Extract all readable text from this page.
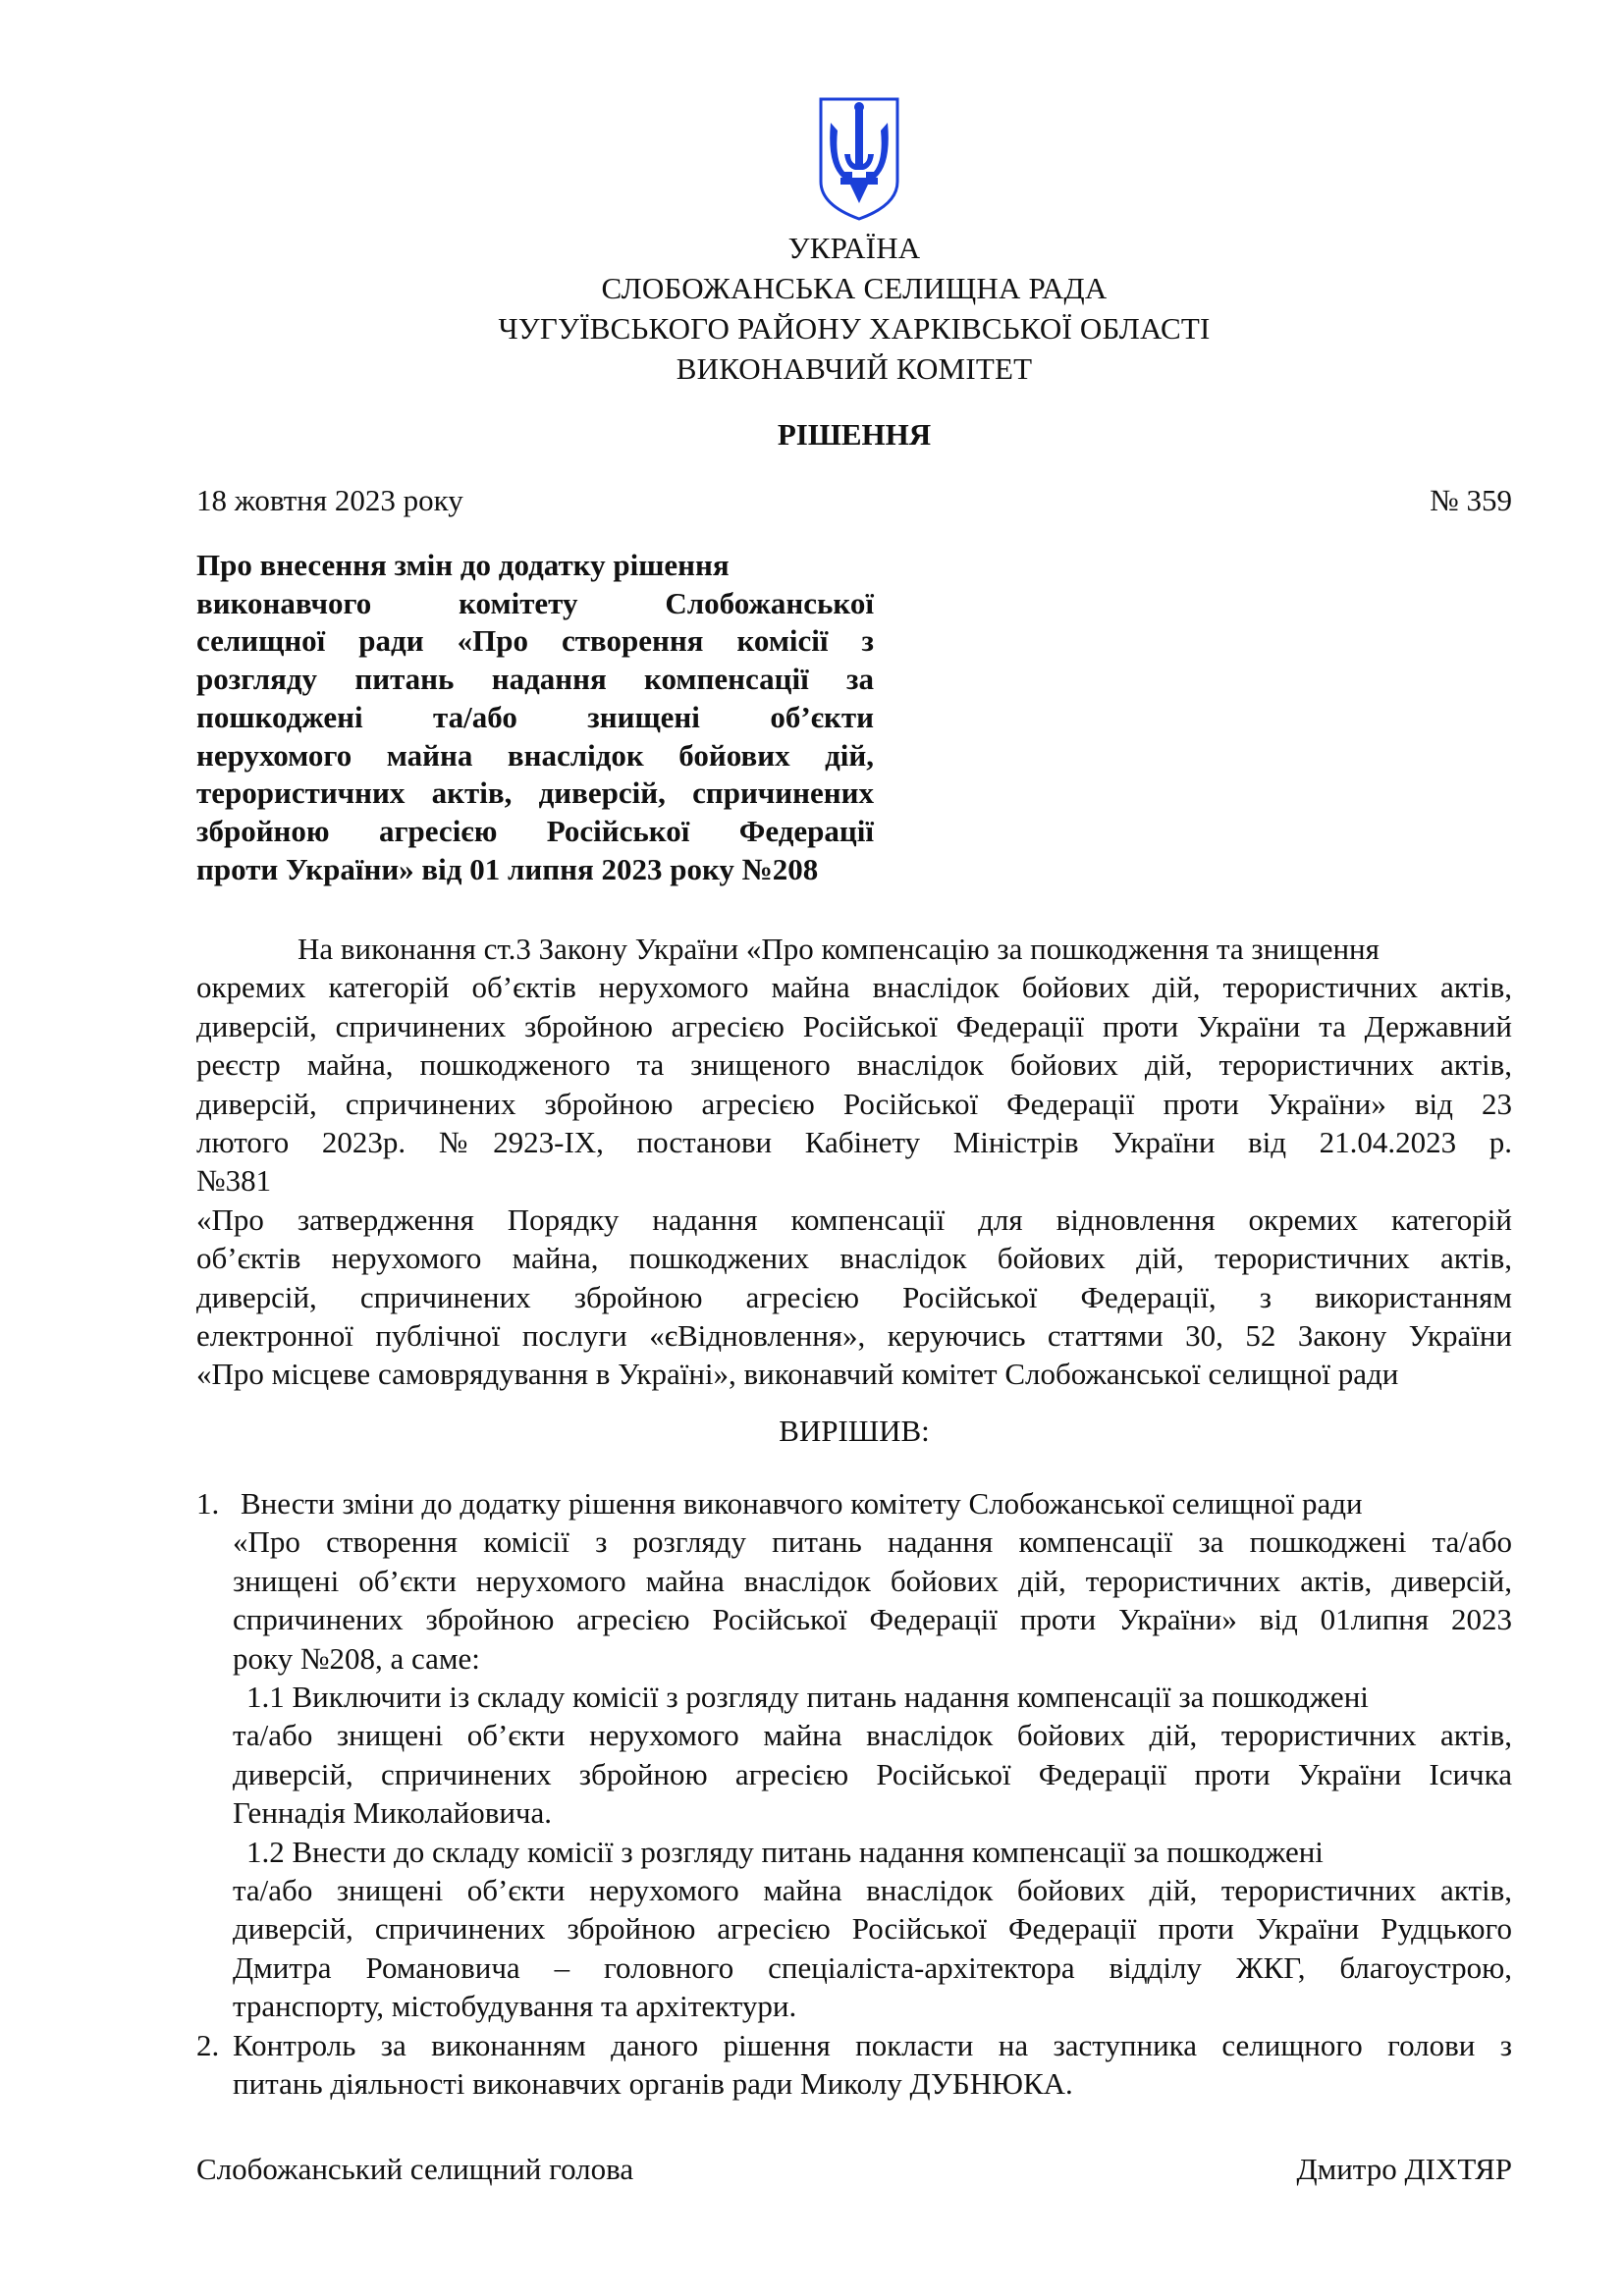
УКРАЇНА
СЛОБОЖАНСЬКА СЕЛИЩНА РАДА
ЧУГУЇВСЬКОГО РАЙОНУ ХАРКІВСЬКОЇ ОБЛАСТІ
ВИКОНАВЧИЙ КОМІТЕТ
РІШЕННЯ
18 жовтня 2023 року	№ 359
Про внесення змін до додатку рішення
виконавчого комітету Слобожанської
селищної ради «Про створення комісії з
розгляду питань надання компенсації за
пошкоджені та/або знищені об’єкти
нерухомого майна внаслідок бойових дій,
терористичних актів, диверсій, спричинених
збройною агресією Російської Федерації
проти України» від 01 липня 2023 року №208
На виконання ст.3 Закону України «Про компенсацію за пошкодження та знищення
окремих категорій об’єктів нерухомого майна внаслідок бойових дій, терористичних актів,
диверсій, спричинених збройною агресією Російської Федерації проти України та Державний
реєстр майна, пошкодженого та знищеного внаслідок бойових дій, терористичних актів,
диверсій, спричинених збройною агресією Російської Федерації проти України» від 23
лютого 2023р. №2923-IX, постанови Кабінету Міністрів України від 21.04.2023 р.
№381
«Про затвердження Порядку надання компенсації для відновлення окремих категорій
об’єктів нерухомого майна, пошкоджених внаслідок бойових дій, терористичних актів,
диверсій, спричинених збройною агресією Російської Федерації, з використанням
електронної публічної послуги «єВідновлення», керуючись статтями 30, 52 Закону України
«Про місцеве самоврядування в Україні», виконавчий комітет Слобожанської селищної ради
ВИРІШИВ:
1. Внести зміни до додатку рішення виконавчого комітету Слобожанської селищної ради
«Про створення комісії з розгляду питань надання компенсації за пошкоджені та/або
знищені об’єкти нерухомого майна внаслідок бойових дій, терористичних актів, диверсій,
спричинених збройною агресією Російської Федерації проти України» від 01липня 2023
року №208, а саме:
1.1 Виключити із складу комісії з розгляду питань надання компенсації за пошкоджені
та/або знищені об’єкти нерухомого майна внаслідок бойових дій, терористичних актів,
диверсій, спричинених збройною агресією Російської Федерації проти України Ісичка
Геннадія Миколайовича.
1.2 Внести до складу комісії з розгляду питань надання компенсації за пошкоджені
та/або знищені об’єкти нерухомого майна внаслідок бойових дій, терористичних актів,
диверсій, спричинених збройною агресією Російської Федерації проти України Рудцького
Дмитра Романовича – головного спеціаліста-архітектора відділу ЖКГ, благоустрою,
транспорту, містобудування та архітектури.
2. Контроль за виконанням даного рішення покласти на заступника селищного голови з
питань діяльності виконавчих органів ради Миколу ДУБНЮКА.
Слобожанський селищний голова	Дмитро ДІХТЯР
